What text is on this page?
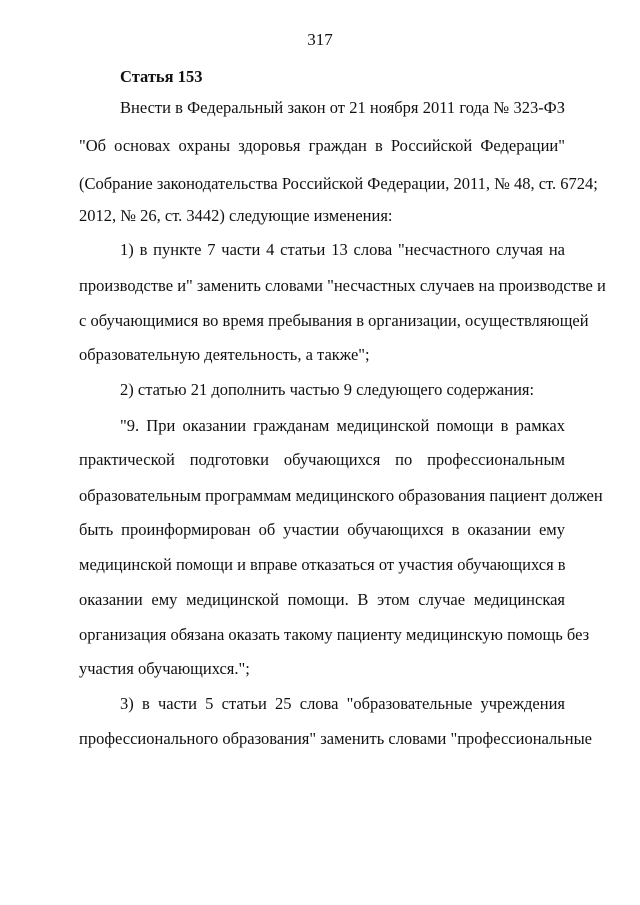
317
Статья 153
Внести в Федеральный закон от 21 ноября 2011 года № 323-ФЗ
"Об основах охраны здоровья граждан в Российской Федерации"
(Собрание законодательства Российской Федерации, 2011, № 48, ст. 6724;
2012, № 26, ст. 3442) следующие изменения:
1) в пункте 7 части 4 статьи 13 слова "несчастного случая на
производстве и" заменить словами "несчастных случаев на производстве и
с обучающимися во время пребывания в организации, осуществляющей
образовательную деятельность, а также";
2) статью 21 дополнить частью 9 следующего содержания:
"9. При оказании гражданам медицинской помощи в рамках
практической подготовки обучающихся по профессиональным
образовательным программам медицинского образования пациент должен
быть проинформирован об участии обучающихся в оказании ему
медицинской помощи и вправе отказаться от участия обучающихся в
оказании ему медицинской помощи. В этом случае медицинская
организация обязана оказать такому пациенту медицинскую помощь без
участия обучающихся.";
3) в части 5 статьи 25 слова "образовательные учреждения
профессионального образования" заменить словами "профессиональные
